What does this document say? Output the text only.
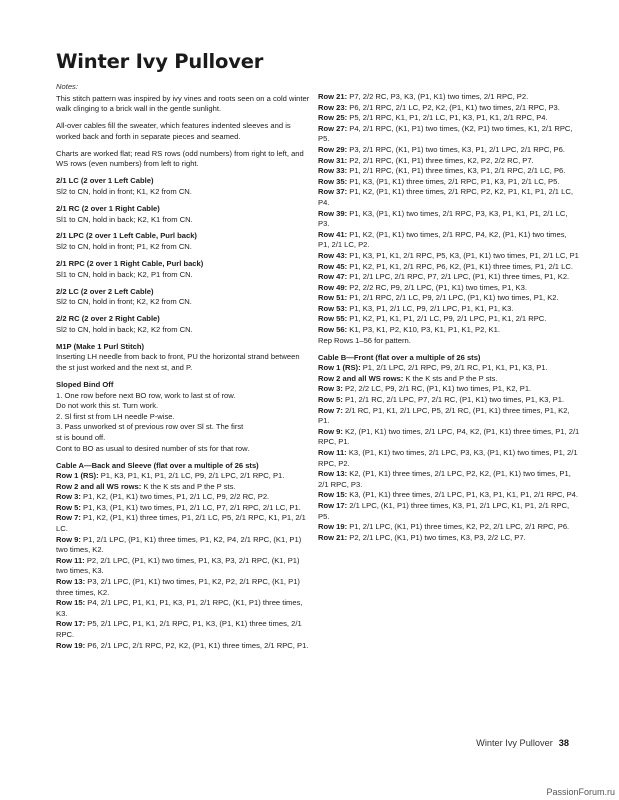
Winter Ivy Pullover

Notes:

This stitch pattern was inspired by ivy vines and roots seen on a cold winter walk clinging to a brick wall in the gentle sunlight.

All-over cables fill the sweater, which features indented sleeves and is worked back and forth in separate pieces and seamed.

Charts are worked flat; read RS rows (odd numbers) from right to left, and WS rows (even numbers) from left to right.

2/1 LC (2 over 1 Left Cable)
Sl2 to CN, hold in front; K1, K2 from CN.

2/1 RC (2 over 1 Right Cable)
Sl1 to CN, hold in back; K2, K1 from CN.

2/1 LPC (2 over 1 Left Cable, Purl back)
Sl2 to CN, hold in front; P1, K2 from CN.

2/1 RPC (2 over 1 Right Cable, Purl back)
Sl1 to CN, hold in back; K2, P1 from CN.

2/2 LC (2 over 2 Left Cable)
Sl2 to CN, hold in front; K2, K2 from CN.

2/2 RC (2 over 2 Right Cable)
Sl2 to CN, hold in back; K2, K2 from CN.

M1P (Make 1 Purl Stitch)
Inserting LH needle from back to front, PU the horizontal strand between the st just worked and the next st, and P.

Sloped Bind Off
1. One row before next BO row, work to last st of row.
Do not work this st. Turn work.
2. Sl first st from LH needle P-wise.
3. Pass unworked st of previous row over Sl st. The first
st is bound off.
Cont to BO as usual to desired number of sts for that row.

Cable A—Back and Sleeve (flat over a multiple of 26 sts)

Row 1 (RS): P1, K3, P1, K1, P1, 2/1 LC, P9, 2/1 LPC, 2/1 RPC, P1.

Row 2 and all WS rows: K the K sts and P the P sts.

Row 3: P1, K2, (P1, K1) two times, P1, 2/1 LC, P9, 2/2 RC, P2.

Row 5: P1, K3, (P1, K1) two times, P1, 2/1 LC, P7, 2/1 RPC, 2/1 LC, P1.

Row 7: P1, K2, (P1, K1) three times, P1, 2/1 LC, P5, 2/1 RPC, K1, P1, 2/1 LC.

Row 9: P1, 2/1 LPC, (P1, K1) three times, P1, K2, P4, 2/1 RPC, (K1, P1) two times, K2.

Row 11: P2, 2/1 LPC, (P1, K1) two times, P1, K3, P3, 2/1 RPC, (K1, P1) two times, K3.

Row 13: P3, 2/1 LPC, (P1, K1) two times, P1, K2, P2, 2/1 RPC, (K1, P1) three times, K2.

Row 15: P4, 2/1 LPC, P1, K1, P1, K3, P1, 2/1 RPC, (K1, P1) three times, K3.

Row 17: P5, 2/1 LPC, P1, K1, 2/1 RPC, P1, K3, (P1, K1) three times, 2/1 RPC.

Row 19: P6, 2/1 LPC, 2/1 RPC, P2, K2, (P1, K1) three times, 2/1 RPC, P1.

Row 21: P7, 2/2 RC, P3, K3, (P1, K1) two times, 2/1 RPC, P2.

Row 23: P6, 2/1 RPC, 2/1 LC, P2, K2, (P1, K1) two times, 2/1 RPC, P3.

Row 25: P5, 2/1 RPC, K1, P1, 2/1 LC, P1, K3, P1, K1, 2/1 RPC, P4.

Row 27: P4, 2/1 RPC, (K1, P1) two times, (K2, P1) two times, K1, 2/1 RPC, P5.

Row 29: P3, 2/1 RPC, (K1, P1) two times, K3, P1, 2/1 LPC, 2/1 RPC, P6.

Row 31: P2, 2/1 RPC, (K1, P1) three times, K2, P2, 2/2 RC, P7.

Row 33: P1, 2/1 RPC, (K1, P1) three times, K3, P1, 2/1 RPC, 2/1 LC, P6.

Row 35: P1, K3, (P1, K1) three times, 2/1 RPC, P1, K3, P1, 2/1 LC, P5.

Row 37: P1, K2, (P1, K1) three times, 2/1 RPC, P2, K2, P1, K1, P1, 2/1 LC, P4.

Row 39: P1, K3, (P1, K1) two times, 2/1 RPC, P3, K3, P1, K1, P1, 2/1 LC, P3.

Row 41: P1, K2, (P1, K1) two times, 2/1 RPC, P4, K2, (P1, K1) two times, P1, 2/1 LC, P2.

Row 43: P1, K3, P1, K1, 2/1 RPC, P5, K3, (P1, K1) two times, P1, 2/1 LC, P1

Row 45: P1, K2, P1, K1, 2/1 RPC, P6, K2, (P1, K1) three times, P1, 2/1 LC.

Row 47: P1, 2/1 LPC, 2/1 RPC, P7, 2/1 LPC, (P1, K1) three times, P1, K2.

Row 49: P2, 2/2 RC, P9, 2/1 LPC, (P1, K1) two times, P1, K3.

Row 51: P1, 2/1 RPC, 2/1 LC, P9, 2/1 LPC, (P1, K1) two times, P1, K2.

Row 53: P1, K3, P1, 2/1 LC, P9, 2/1 LPC, P1, K1, P1, K3.

Row 55: P1, K2, P1, K1, P1, 2/1 LC, P9, 2/1 LPC, P1, K1, 2/1 RPC.

Row 56: K1, P3, K1, P2, K10, P3, K1, P1, K1, P2, K1.

Rep Rows 1–56 for pattern.

Cable B—Front (flat over a multiple of 26 sts)

Row 1 (RS): P1, 2/1 LPC, 2/1 RPC, P9, 2/1 RC, P1, K1, P1, K3, P1.

Row 2 and all WS rows: K the K sts and P the P sts.

Row 3: P2, 2/2 LC, P9, 2/1 RC, (P1, K1) two times, P1, K2, P1.

Row 5: P1, 2/1 RC, 2/1 LPC, P7, 2/1 RC, (P1, K1) two times, P1, K3, P1.

Row 7: 2/1 RC, P1, K1, 2/1 LPC, P5, 2/1 RC, (P1, K1) three times, P1, K2, P1.

Row 9: K2, (P1, K1) two times, 2/1 LPC, P4, K2, (P1, K1) three times, P1, 2/1 RPC, P1.

Row 11: K3, (P1, K1) two times, 2/1 LPC, P3, K3, (P1, K1) two times, P1, 2/1 RPC, P2.

Row 13: K2, (P1, K1) three times, 2/1 LPC, P2, K2, (P1, K1) two times, P1, 2/1 RPC, P3.

Row 15: K3, (P1, K1) three times, 2/1 LPC, P1, K3, P1, K1, P1, 2/1 RPC, P4.

Row 17: 2/1 LPC, (K1, P1) three times, K3, P1, 2/1 LPC, K1, P1, 2/1 RPC, P5.

Row 19: P1, 2/1 LPC, (K1, P1) three times, K2, P2, 2/1 LPC, 2/1 RPC, P6.

Row 21: P2, 2/1 LPC, (K1, P1) two times, K3, P3, 2/2 LC, P7.

Winter Ivy Pullover 38
PassionForum.ru
